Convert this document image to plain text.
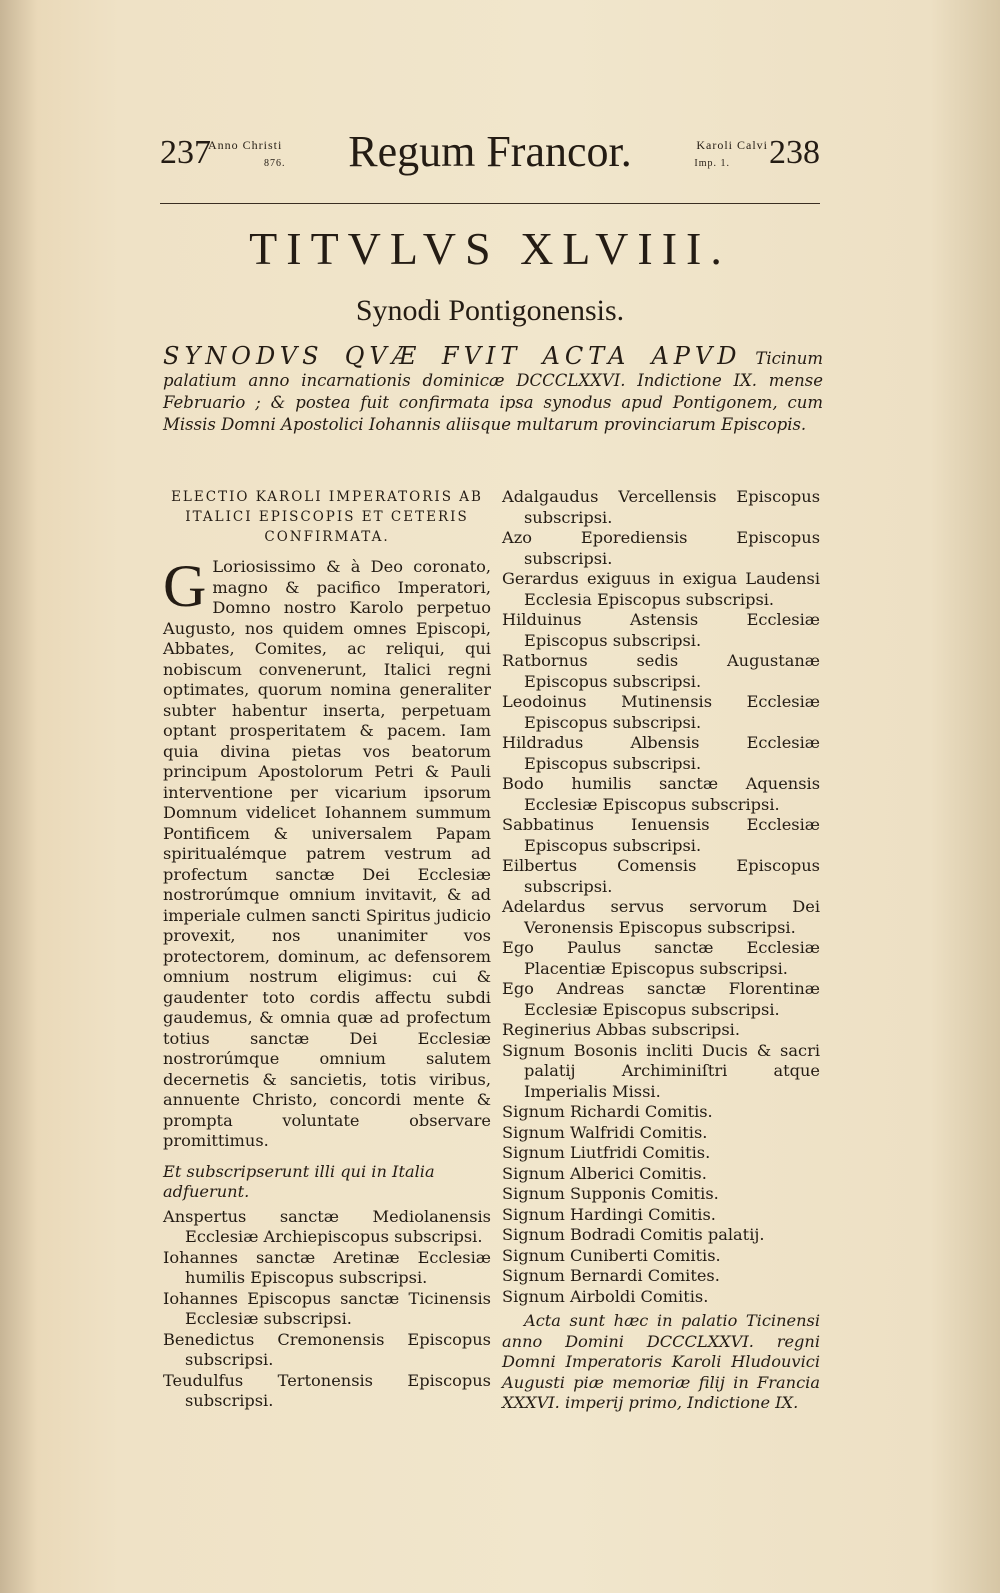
237
Anno Christi
876.	Regum Francor.	Karoli Calvi
Imp. 1. 238
TITVLVS XLVIII.
Synodi Pontigonensis.
SYNODVS QVÆ FVIT ACTA APVD Ticinum palatium anno incarnationis dominicæ DCCCLXXVI. Indictione IX. mense Februario ; & postea fuit confirmata ipsa synodus apud Pontigonem, cum Missis Domni Apostolici Iohannis aliisque multarum provinciarum Episcopis.
ELECTIO KAROLI IMPERATORIS AB ITALICI EPISCOPIS ET CETERIS CONFIRMATA.
G Loriosissimo & à Deo coronato, magno & pacifico Imperatori, Domno nostro Karolo perpetuo Augusto, nos quidem omnes Episcopi, Abbates, Comites, ac reliqui, qui nobiscum convenerunt, Italici regni optimates, quorum nomina generaliter subter habentur inserta, perpetuam optant prosperitatem & pacem. Iam quia divina pietas vos beatorum principum Apostolorum Petri & Pauli interventione per vicarium ipsorum Domnum videlicet Iohannem summum Pontificem & universalem Papam spiritualémque patrem vestrum ad profectum sanctæ Dei Ecclesiæ nostrorúmque omnium invitavit, & ad imperiale culmen sancti Spiritus judicio provexit, nos unanimiter vos protectorem, dominum, ac defensorem omnium nostrum eligimus: cui & gaudenter toto cordis affectu subdi gaudemus, & omnia quæ ad profectum totius sanctæ Dei Ecclesiæ nostrorúmque omnium salutem decernetis & sancietis, totis viribus, annuente Christo, concordi mente & prompta voluntate observare promittimus.
Et subscripserunt illi qui in Italia adfuerunt.
Anspertus sanctæ Mediolanensis Ecclesiæ Archiepiscopus subscripsi.
Iohannes sanctæ Aretinæ Ecclesiæ humilis Episcopus subscripsi.
Iohannes Episcopus sanctæ Ticinensis Ecclesiæ subscripsi.
Benedictus Cremonensis Episcopus subscripsi.
Teudulfus Tertonensis Episcopus subscripsi.
Adalgaudus Vercellensis Episcopus subscripsi.
Azo Eporediensis Episcopus subscripsi.
Gerardus exiguus in exigua Laudensi Ecclesia Episcopus subscripsi.
Hilduinus Astensis Ecclesiæ Episcopus subscripsi.
Ratbornus sedis Augustanæ Episcopus subscripsi.
Leodoinus Mutinensis Ecclesiæ Episcopus subscripsi.
Hildradus Albensis Ecclesiæ Episcopus subscripsi.
Bodo humilis sanctæ Aquensis Ecclesiæ Episcopus subscripsi.
Sabbatinus Ienuensis Ecclesiæ Episcopus subscripsi.
Eilbertus Comensis Episcopus subscripsi.
Adelardus servus servorum Dei Veronensis Episcopus subscripsi.
Ego Paulus sanctæ Ecclesiæ Placentiæ Episcopus subscripsi.
Ego Andreas sanctæ Florentinæ Ecclesiæ Episcopus subscripsi.
Reginerius Abbas subscripsi.
Signum Bosonis incliti Ducis & sacri palatij Archiminiſtri atque Imperialis Missi.
Signum Richardi Comitis.
Signum Walfridi Comitis.
Signum Liutfridi Comitis.
Signum Alberici Comitis.
Signum Supponis Comitis.
Signum Hardingi Comitis.
Signum Bodradi Comitis palatij.
Signum Cuniberti Comitis.
Signum Bernardi Comites.
Signum Airboldi Comitis.
Acta sunt hæc in palatio Ticinensi anno Domini DCCCLXXVI. regni Domni Imperatoris Karoli Hludouvici Augusti piæ memoriæ filij in Francia XXXVI. imperij primo, Indictione IX.
